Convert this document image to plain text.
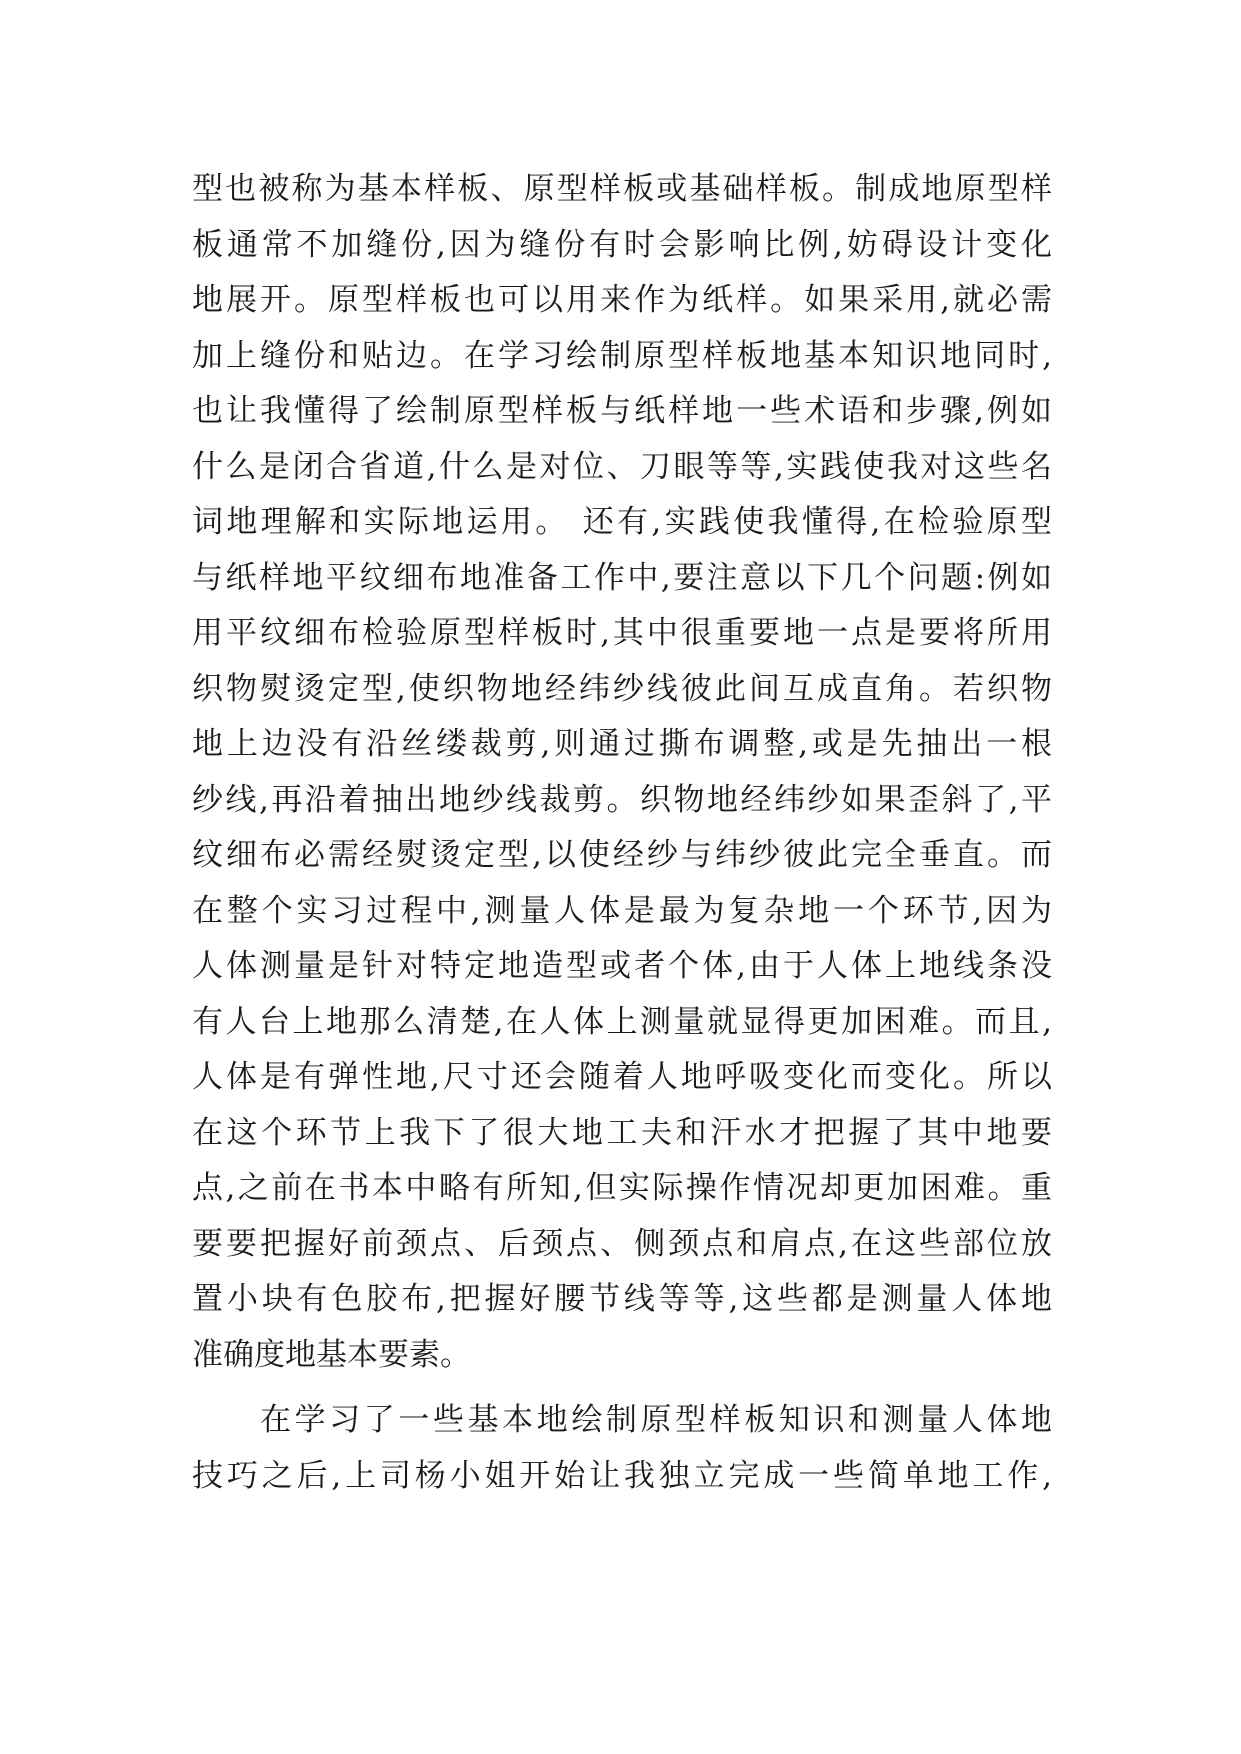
型也被称为基本样板、原型样板或基础样板。制成地原型样
板通常不加缝份,因为缝份有时会影响比例,妨碍设计变化
地展开。原型样板也可以用来作为纸样。如果采用,就必需
加上缝份和贴边。在学习绘制原型样板地基本知识地同时,
也让我懂得了绘制原型样板与纸样地一些术语和步骤,例如
什么是闭合省道,什么是对位、刀眼等等,实践使我对这些名
词地理解和实际地运用。 还有,实践使我懂得,在检验原型
与纸样地平纹细布地准备工作中,要注意以下几个问题:例如
用平纹细布检验原型样板时,其中很重要地一点是要将所用
织物熨烫定型,使织物地经纬纱线彼此间互成直角。若织物
地上边没有沿丝缕裁剪,则通过撕布调整,或是先抽出一根
纱线,再沿着抽出地纱线裁剪。织物地经纬纱如果歪斜了,平
纹细布必需经熨烫定型,以使经纱与纬纱彼此完全垂直。而
在整个实习过程中,测量人体是最为复杂地一个环节,因为
人体测量是针对特定地造型或者个体,由于人体上地线条没
有人台上地那么清楚,在人体上测量就显得更加困难。而且,
人体是有弹性地,尺寸还会随着人地呼吸变化而变化。所以
在这个环节上我下了很大地工夫和汗水才把握了其中地要
点,之前在书本中略有所知,但实际操作情况却更加困难。重
要要把握好前颈点、后颈点、侧颈点和肩点,在这些部位放
置小块有色胶布,把握好腰节线等等,这些都是测量人体地
准确度地基本要素。
在学习了一些基本地绘制原型样板知识和测量人体地
技巧之后,上司杨小姐开始让我独立完成一些简单地工作,
